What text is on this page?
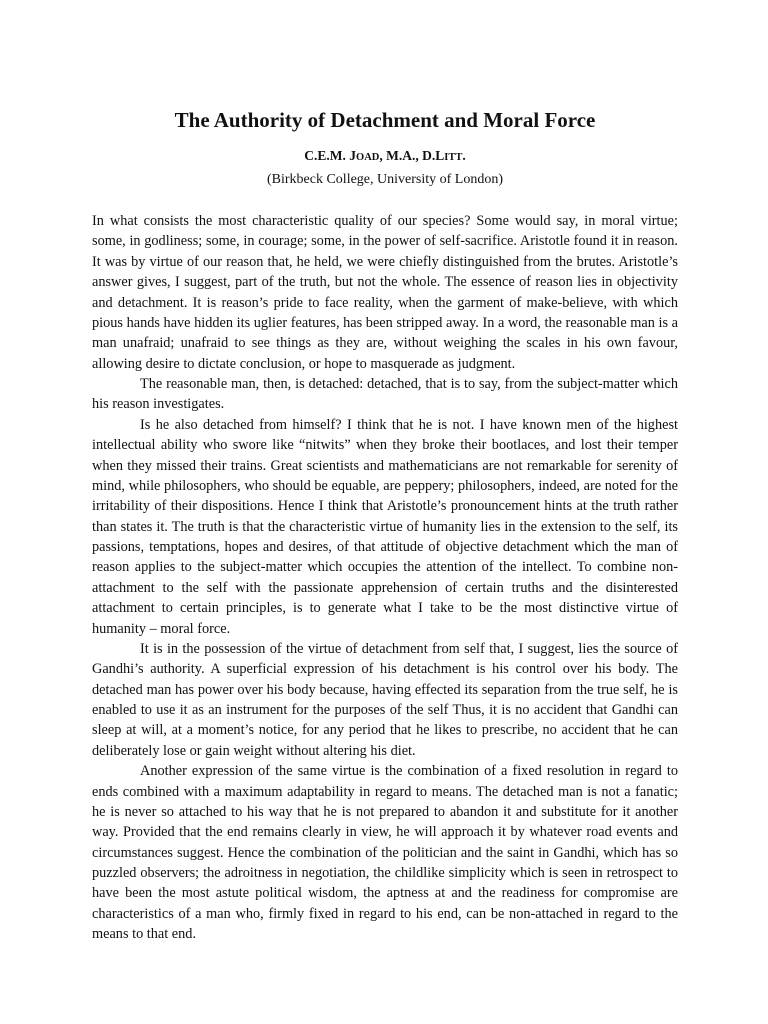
The Authority of Detachment and Moral Force
C.E.M. JOAD, M.A., D.LITT.
(Birkbeck College, University of London)

In what consists the most characteristic quality of our species? Some would say, in moral virtue; some, in godliness; some, in courage; some, in the power of self-sacrifice. Aristotle found it in reason. It was by virtue of our reason that, he held, we were chiefly distinguished from the brutes. Aristotle’s answer gives, I suggest, part of the truth, but not the whole. The essence of reason lies in objectivity and detachment. It is reason’s pride to face reality, when the garment of make-believe, with which pious hands have hidden its uglier features, has been stripped away. In a word, the reasonable man is a man unafraid; unafraid to see things as they are, without weighing the scales in his own favour, allowing desire to dictate conclusion, or hope to masquerade as judgment.

The reasonable man, then, is detached: detached, that is to say, from the subject-matter which his reason investigates.

Is he also detached from himself? I think that he is not. I have known men of the highest intellectual ability who swore like “nitwits” when they broke their bootlaces, and lost their temper when they missed their trains. Great scientists and mathematicians are not remarkable for serenity of mind, while philosophers, who should be equable, are peppery; philosophers, indeed, are noted for the irritability of their dispositions. Hence I think that Aristotle’s pronouncement hints at the truth rather than states it. The truth is that the characteristic virtue of humanity lies in the extension to the self, its passions, temptations, hopes and desires, of that attitude of objective detachment which the man of reason applies to the subject-matter which occupies the attention of the intellect. To combine non-attachment to the self with the passionate apprehension of certain truths and the disinterested attachment to certain principles, is to generate what I take to be the most distinctive virtue of humanity – moral force.

It is in the possession of the virtue of detachment from self that, I suggest, lies the source of Gandhi’s authority. A superficial expression of his detachment is his control over his body. The detached man has power over his body because, having effected its separation from the true self, he is enabled to use it as an instrument for the purposes of the self Thus, it is no accident that Gandhi can sleep at will, at a moment’s notice, for any period that he likes to prescribe, no accident that he can deliberately lose or gain weight without altering his diet.

Another expression of the same virtue is the combination of a fixed resolution in regard to ends combined with a maximum adaptability in regard to means. The detached man is not a fanatic; he is never so attached to his way that he is not prepared to abandon it and substitute for it another way. Provided that the end remains clearly in view, he will approach it by whatever road events and circumstances suggest. Hence the combination of the politician and the saint in Gandhi, which has so puzzled observers; the adroitness in negotiation, the childlike simplicity which is seen in retrospect to have been the most astute political wisdom, the aptness at and the readiness for compromise are characteristics of a man who, firmly fixed in regard to his end, can be non-attached in regard to the means to that end.
